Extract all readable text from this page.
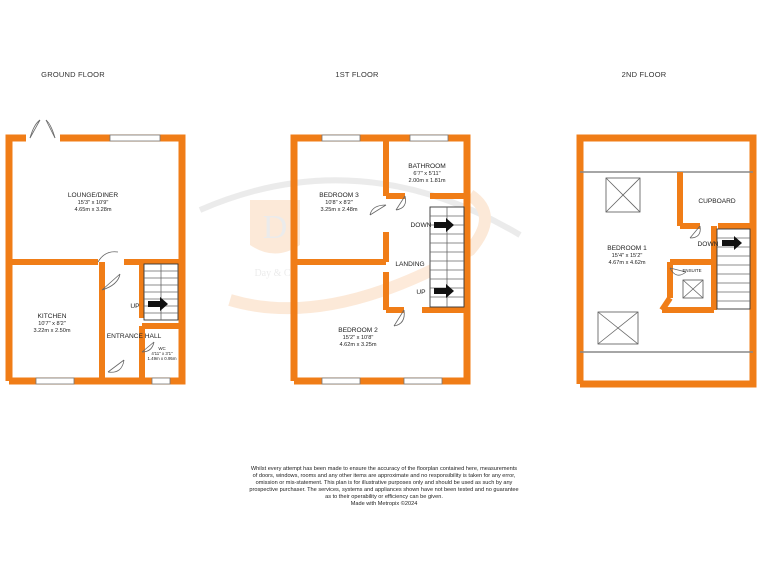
D
Day & Co
GROUND FLOOR	1ST FLOOR	2ND FLOOR
LOUNGE/DINER
15'3" x 10'9"
4.65m x 3.28m
KITCHEN
10'7" x 8'2"
3.22m x 2.50m
ENTRANCE HALL
UP
WC
4'11" x 3'1"
1.49m x 0.95m
BEDROOM 3
10'8" x 8'2"
3.25m x 2.48m
BATHROOM
6'7" x 5'11"
2.00m x 1.81m
LANDING
DOWN
UP
BEDROOM 2
15'2" x 10'8"
4.62m x 3.25m
BEDROOM 1
15'4" x 15'2"
4.67m x 4.62m
CUPBOARD
ENSUITE
DOWN
Whilst every attempt has been made to ensure the accuracy of the floorplan contained here, measurements
of doors, windows, rooms and any other items are approximate and no responsibility is taken for any error,
omission or mis-statement. This plan is for illustrative purposes only and should be used as such by any
prospective purchaser. The services, systems and appliances shown have not been tested and no guarantee
as to their operability or efficiency can be given.
Made with Metropix ©2024
